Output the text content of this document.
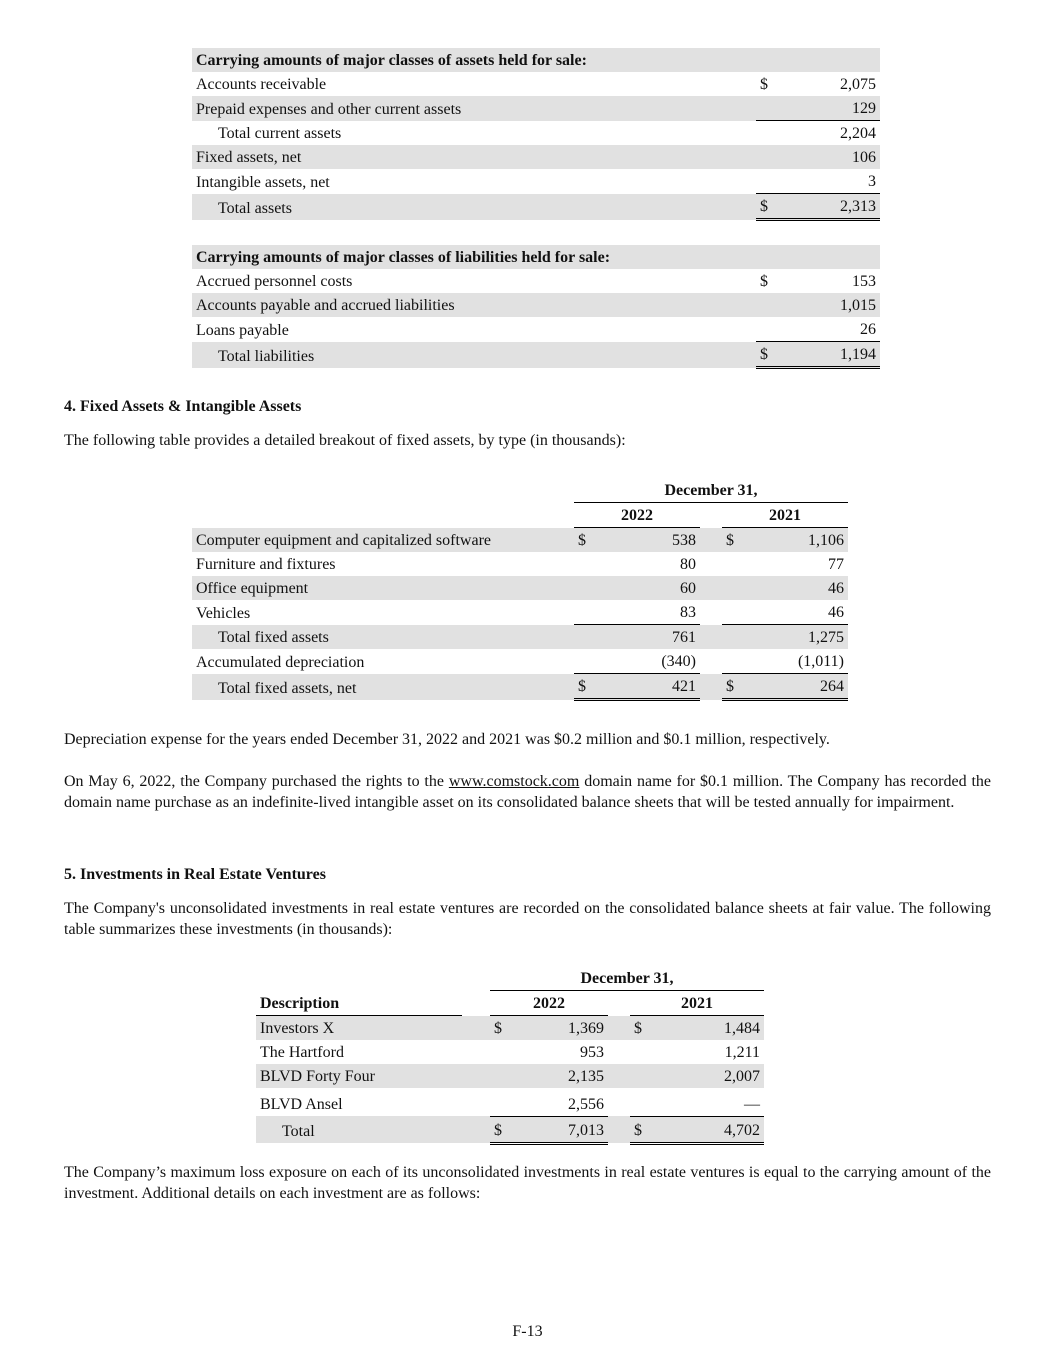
Carrying amounts of major classes of assets held for sale:		
Accounts receivable	$	2,075
Prepaid expenses and other current assets		129
Total current assets		2,204
Fixed assets, net		106
Intangible assets, net		3
Total assets	$	2,313

Carrying amounts of major classes of liabilities held for sale:		
Accrued personnel costs	$	153
Accounts payable and accrued liabilities		1,015
Loans payable		26
Total liabilities	$	1,194
4. Fixed Assets & Intangible Assets
The following table provides a detailed breakout of fixed assets, by type (in thousands):
	December 31,				
	2022			2021	
Computer equipment and capitalized software	$	538		$	1,106
Furniture and fixtures		80			77
Office equipment		60			46
Vehicles		83			46
Total fixed assets		761			1,275
Accumulated depreciation		(340)			(1,011)
Total fixed assets, net	$	421		$	264
Depreciation expense for the years ended December 31, 2022 and 2021 was $0.2 million and $0.1 million, respectively.
On May 6, 2022, the Company purchased the rights to the www.comstock.com domain name for $0.1 million. The Company has recorded the domain name purchase as an indefinite-lived intangible asset on its consolidated balance sheets that will be tested annually for impairment.
5. Investments in Real Estate Ventures
The Company's unconsolidated investments in real estate ventures are recorded on the consolidated balance sheets at fair value. The following table summarizes these investments (in thousands):
		December 31,				
Description		2022			2021	
Investors X		$	1,369		$	1,484
The Hartford			953			1,211
BLVD Forty Four			2,135			2,007
BLVD Ansel			2,556			—
Total		$	7,013		$	4,702
The Company’s maximum loss exposure on each of its unconsolidated investments in real estate ventures is equal to the carrying amount of the investment. Additional details on each investment are as follows:
F-13
